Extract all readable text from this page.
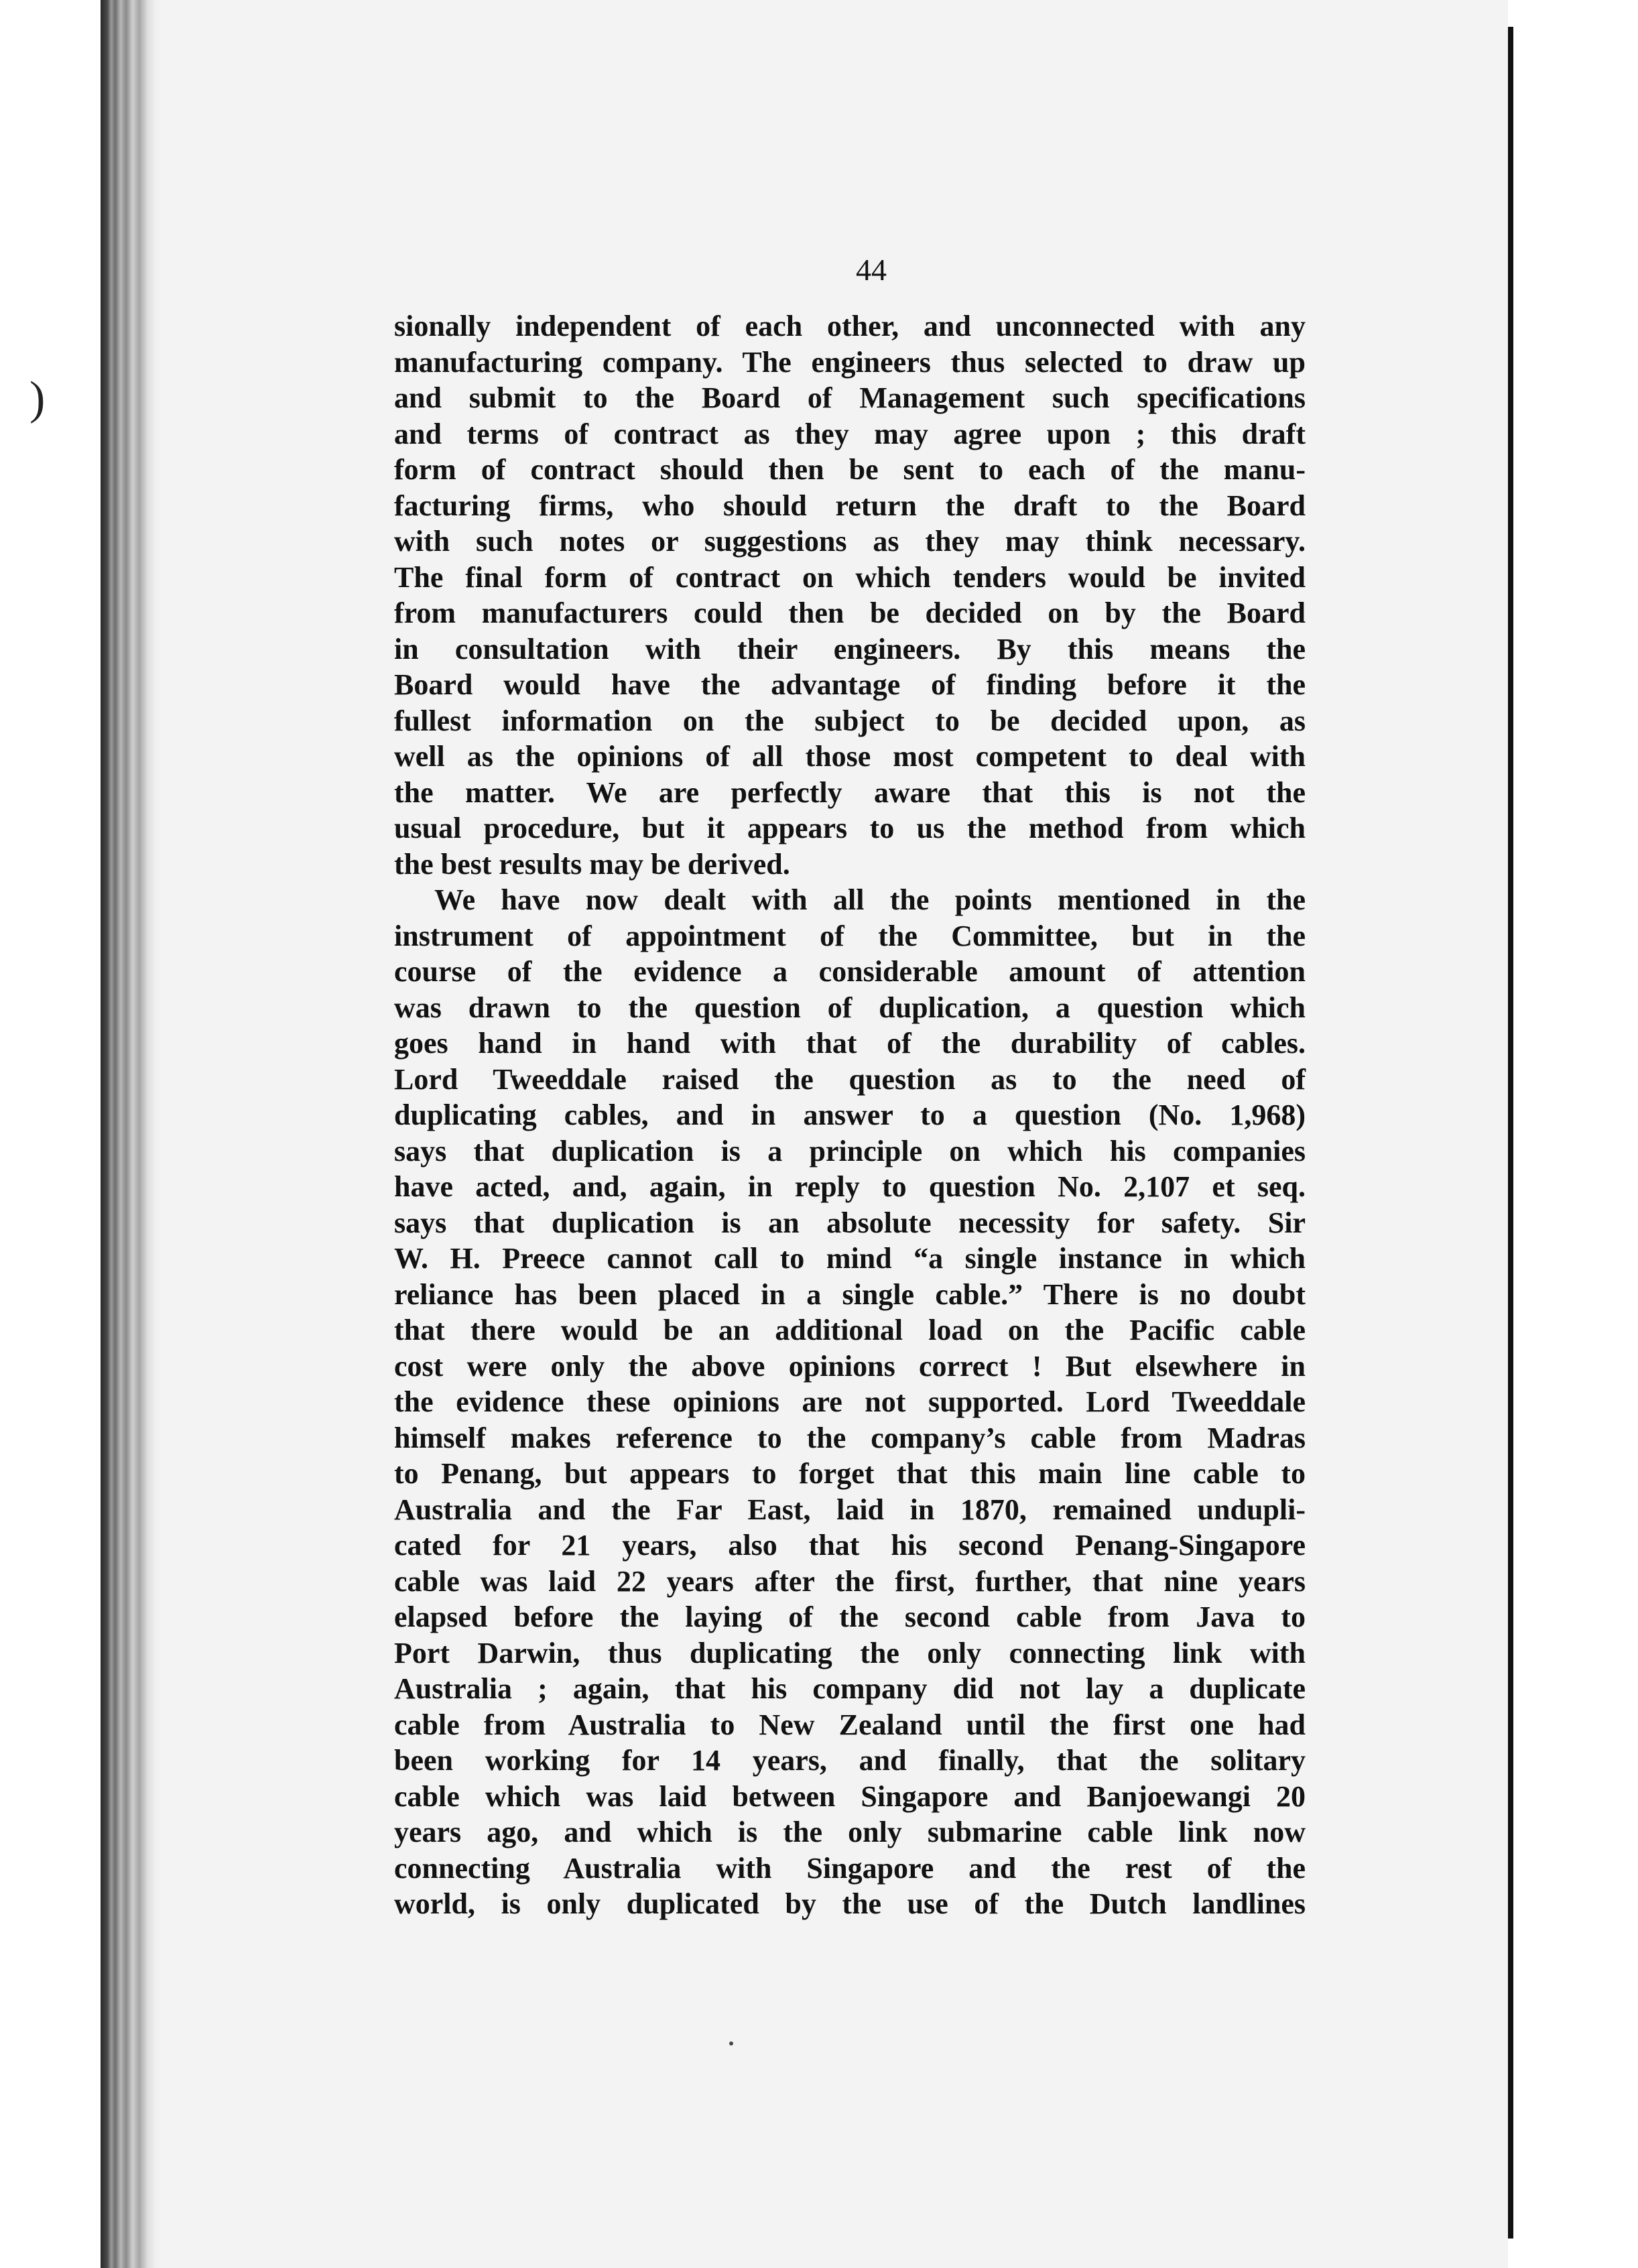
)
44
sionally independent of each other, and unconnected with any
manufacturing company. The engineers thus selected to draw up
and submit to the Board of Management such specifications
and terms of contract as they may agree upon ; this draft
form of contract should then be sent to each of the manu-
facturing firms, who should return the draft to the Board
with such notes or suggestions as they may think necessary.
The final form of contract on which tenders would be invited
from manufacturers could then be decided on by the Board
in consultation with their engineers. By this means the
Board would have the advantage of finding before it the
fullest information on the subject to be decided upon, as
well as the opinions of all those most competent to deal with
the matter. We are perfectly aware that this is not the
usual procedure, but it appears to us the method from which
the best results may be derived.
We have now dealt with all the points mentioned in the
instrument of appointment of the Committee, but in the
course of the evidence a considerable amount of attention
was drawn to the question of duplication, a question which
goes hand in hand with that of the durability of cables.
Lord Tweeddale raised the question as to the need of
duplicating cables, and in answer to a question (No. 1,968)
says that duplication is a principle on which his companies
have acted, and, again, in reply to question No. 2,107 et seq.
says that duplication is an absolute necessity for safety. Sir
W. H. Preece cannot call to mind “a single instance in which
reliance has been placed in a single cable.” There is no doubt
that there would be an additional load on the Pacific cable
cost were only the above opinions correct ! But elsewhere in
the evidence these opinions are not supported. Lord Tweeddale
himself makes reference to the company’s cable from Madras
to Penang, but appears to forget that this main line cable to
Australia and the Far East, laid in 1870, remained undupli-
cated for 21 years, also that his second Penang-Singapore
cable was laid 22 years after the first, further, that nine years
elapsed before the laying of the second cable from Java to
Port Darwin, thus duplicating the only connecting link with
Australia ; again, that his company did not lay a duplicate
cable from Australia to New Zealand until the first one had
been working for 14 years, and finally, that the solitary
cable which was laid between Singapore and Banjoewangi 20
years ago, and which is the only submarine cable link now
connecting Australia with Singapore and the rest of the
world, is only duplicated by the use of the Dutch landlines
